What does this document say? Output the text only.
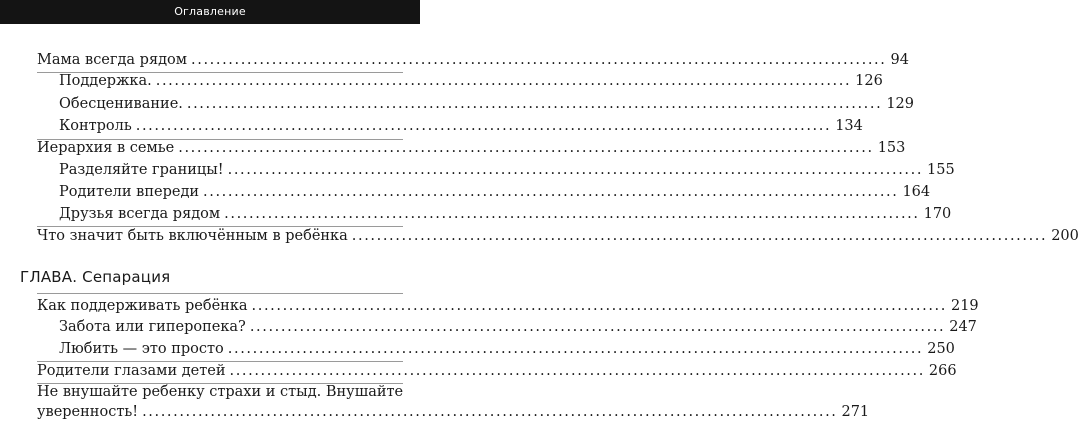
Оглавление
Мама всегда рядом ................................................................................................................ 94
Поддержка. ................................................................................................................ 126
Обесценивание. ................................................................................................................ 129
Контроль ................................................................................................................ 134
Иерархия в семье ................................................................................................................ 153
Разделяйте границы! ................................................................................................................ 155
Родители впереди ................................................................................................................ 164
Друзья всегда рядом ................................................................................................................ 170
Что значит быть включённым в ребёнка ................................................................................................................ 200
ГЛАВА. Сепарация
Как поддерживать ребёнка ................................................................................................................ 219
Забота или гиперопека? ................................................................................................................ 247
Любить — это просто ................................................................................................................ 250
Родители глазами детей ................................................................................................................ 266
Не внушайте ребенку страхи и стыд. Внушайте
уверенность! ................................................................................................................ 271
